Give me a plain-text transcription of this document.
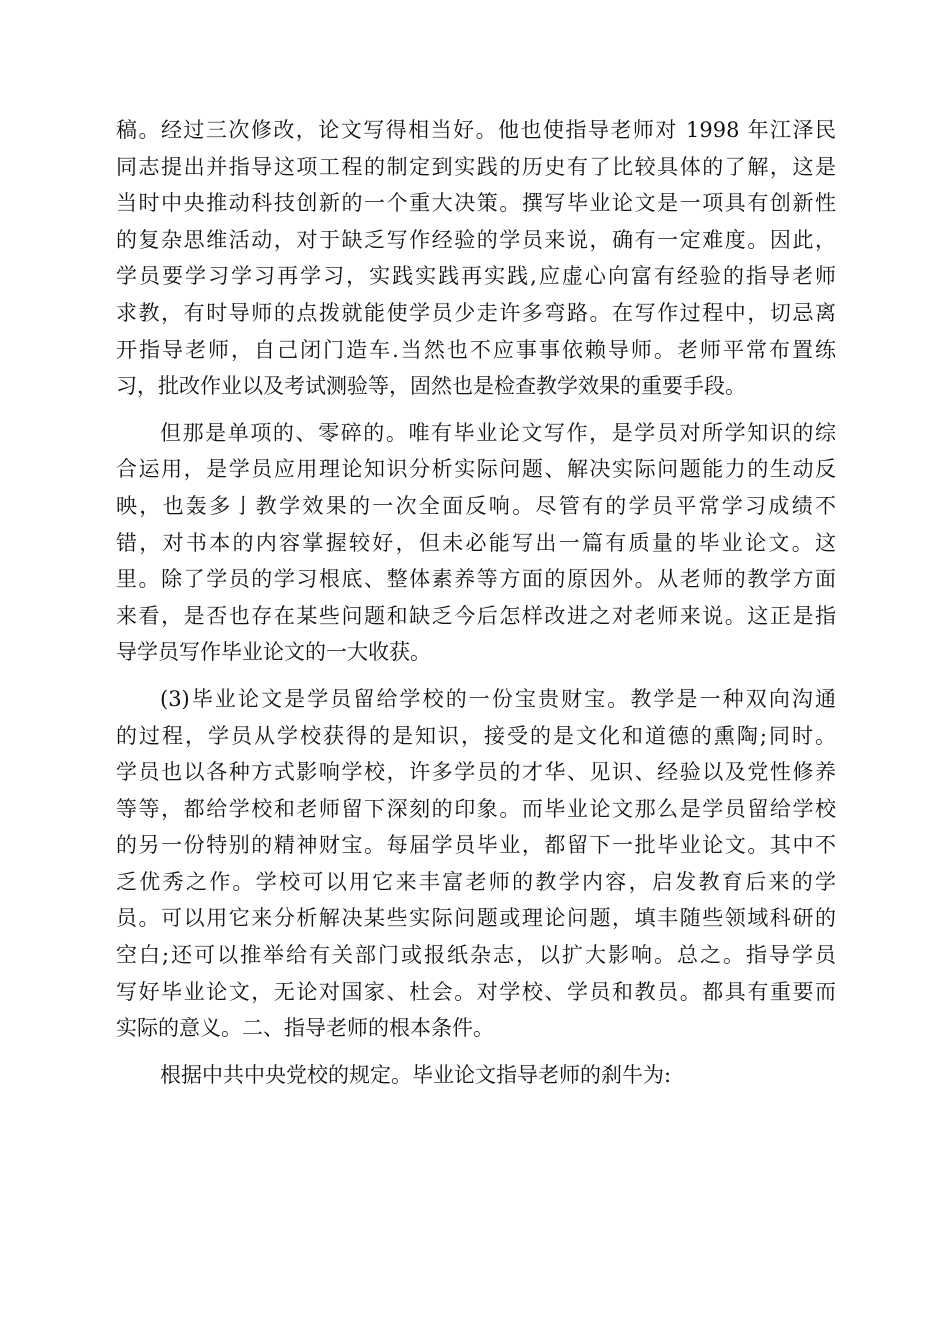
稿。经过三次修改，论文写得相当好。他也使指导老师对 1998 年江泽民
同志提出并指导这项工程的制定到实践的历史有了比较具体的了解，这是
当时中央推动科技创新的一个重大决策。撰写毕业论文是一项具有创新性
的复杂思维活动，对于缺乏写作经验的学员来说，确有一定难度。因此，
学员要学习学习再学习，实践实践再实践,应虚心向富有经验的指导老师
求教，有时导师的点拨就能使学员少走许多弯路。在写作过程中，切忌离
开指导老师，自己闭门造车.当然也不应事事依赖导师。老师平常布置练
习，批改作业以及考试测验等，固然也是检查教学效果的重要手段。

但那是单项的、零碎的。唯有毕业论文写作，是学员对所学知识的综
合运用，是学员应用理论知识分析实际问题、解决实际问题能力的生动反
映，也轰多亅教学效果的一次全面反响。尽管有的学员平常学习成绩不
错，对书本的内容掌握较好，但未必能写出一篇有质量的毕业论文。这
里。除了学员的学习根底、整体素养等方面的原因外。从老师的教学方面
来看，是否也存在某些问题和缺乏今后怎样改进之对老师来说。这正是指
导学员写作毕业论文的一大收获。

(3)毕业论文是学员留给学校的一份宝贵财宝。教学是一种双向沟通
的过程，学员从学校获得的是知识，接受的是文化和道德的熏陶;同时。
学员也以各种方式影响学校，许多学员的才华、见识、经验以及党性修养
等等，都给学校和老师留下深刻的印象。而毕业论文那么是学员留给学校
的另一份特别的精神财宝。每届学员毕业，都留下一批毕业论文。其中不
乏优秀之作。学校可以用它来丰富老师的教学内容，启发教育后来的学
员。可以用它来分析解决某些实际问题或理论问题，填丰随些领域科研的
空白;还可以推举给有关部门或报纸杂志，以扩大影响。总之。指导学员
写好毕业论文，无论对国家、杜会。对学校、学员和教员。都具有重要而
实际的意义。二、指导老师的根本条件。

根据中共中央党校的规定。毕业论文指导老师的刹牛为:
